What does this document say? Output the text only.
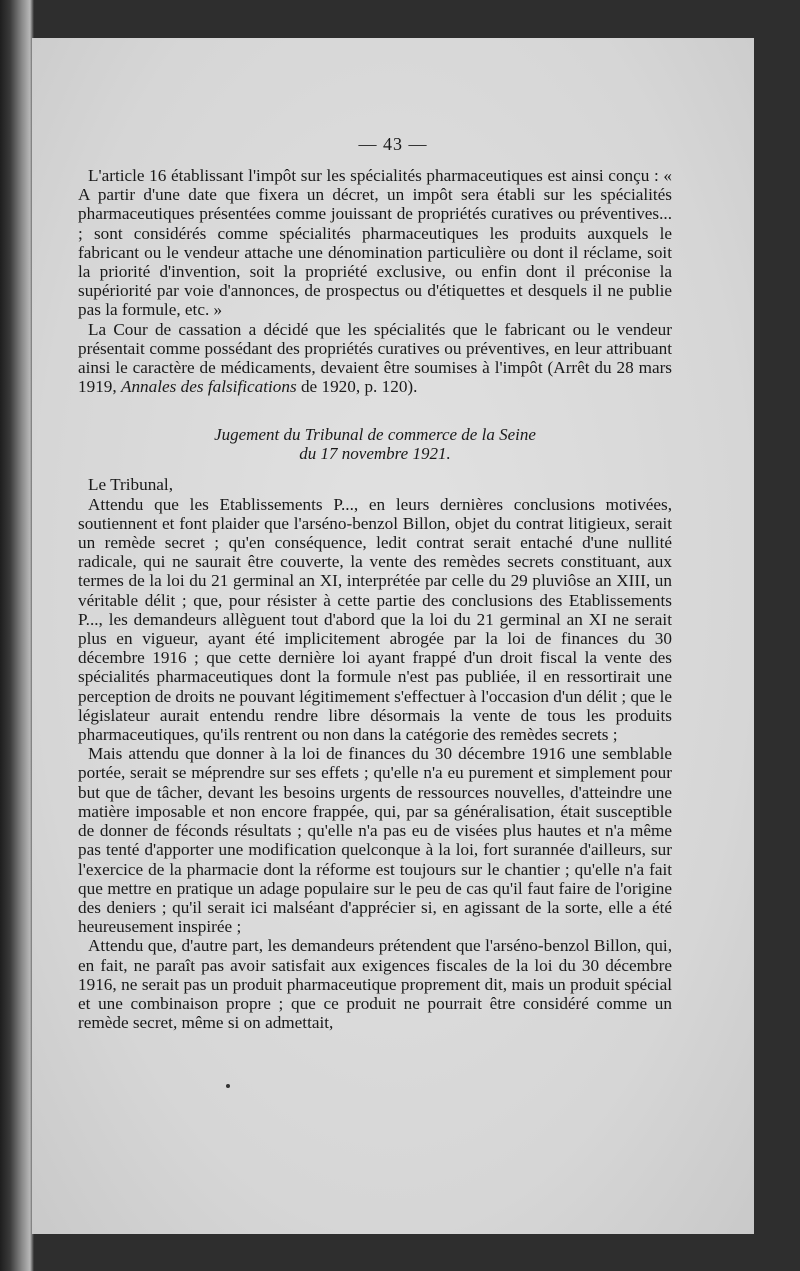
— 43 —

L'article 16 établissant l'impôt sur les spécialités pharmaceutiques est ainsi conçu : « A partir d'une date que fixera un décret, un impôt sera établi sur les spécialités pharmaceutiques présentées comme jouissant de propriétés curatives ou préventives... ; sont considérés comme spécialités pharmaceutiques les produits auxquels le fabricant ou le vendeur attache une dénomination particulière ou dont il réclame, soit la priorité d'invention, soit la propriété exclusive, ou enfin dont il préconise la supériorité par voie d'annonces, de prospectus ou d'étiquettes et desquels il ne publie pas la formule, etc. »

La Cour de cassation a décidé que les spécialités que le fabricant ou le vendeur présentait comme possédant des propriétés curatives ou préventives, en leur attribuant ainsi le caractère de médicaments, devaient être soumises à l'impôt (Arrêt du 28 mars 1919, Annales des falsifications de 1920, p. 120).

Jugement du Tribunal de commerce de la Seine
du 17 novembre 1921.

Le Tribunal,

Attendu que les Etablissements P..., en leurs dernières conclusions motivées, soutiennent et font plaider que l'arséno-benzol Billon, objet du contrat litigieux, serait un remède secret ; qu'en conséquence, ledit contrat serait entaché d'une nullité radicale, qui ne saurait être couverte, la vente des remèdes secrets constituant, aux termes de la loi du 21 germinal an XI, interprétée par celle du 29 pluviôse an XIII, un véritable délit ; que, pour résister à cette partie des conclusions des Etablissements P..., les demandeurs allèguent tout d'abord que la loi du 21 germinal an XI ne serait plus en vigueur, ayant été implicitement abrogée par la loi de finances du 30 décembre 1916 ; que cette dernière loi ayant frappé d'un droit fiscal la vente des spécialités pharmaceutiques dont la formule n'est pas publiée, il en ressortirait une perception de droits ne pouvant légitimement s'effectuer à l'occasion d'un délit ; que le législateur aurait entendu rendre libre désormais la vente de tous les produits pharmaceutiques, qu'ils rentrent ou non dans la catégorie des remèdes secrets ;

Mais attendu que donner à la loi de finances du 30 décembre 1916 une semblable portée, serait se méprendre sur ses effets ; qu'elle n'a eu purement et simplement pour but que de tâcher, devant les besoins urgents de ressources nouvelles, d'atteindre une matière imposable et non encore frappée, qui, par sa généralisation, était susceptible de donner de féconds résultats ; qu'elle n'a pas eu de visées plus hautes et n'a même pas tenté d'apporter une modification quelconque à la loi, fort surannée d'ailleurs, sur l'exercice de la pharmacie dont la réforme est toujours sur le chantier ; qu'elle n'a fait que mettre en pratique un adage populaire sur le peu de cas qu'il faut faire de l'origine des deniers ; qu'il serait ici malséant d'apprécier si, en agissant de la sorte, elle a été heureusement inspirée ;

Attendu que, d'autre part, les demandeurs prétendent que l'arséno-benzol Billon, qui, en fait, ne paraît pas avoir satisfait aux exigences fiscales de la loi du 30 décembre 1916, ne serait pas un produit pharmaceutique proprement dit, mais un produit spécial et une combinaison propre ; que ce produit ne pourrait être considéré comme un remède secret, même si on admettait,
